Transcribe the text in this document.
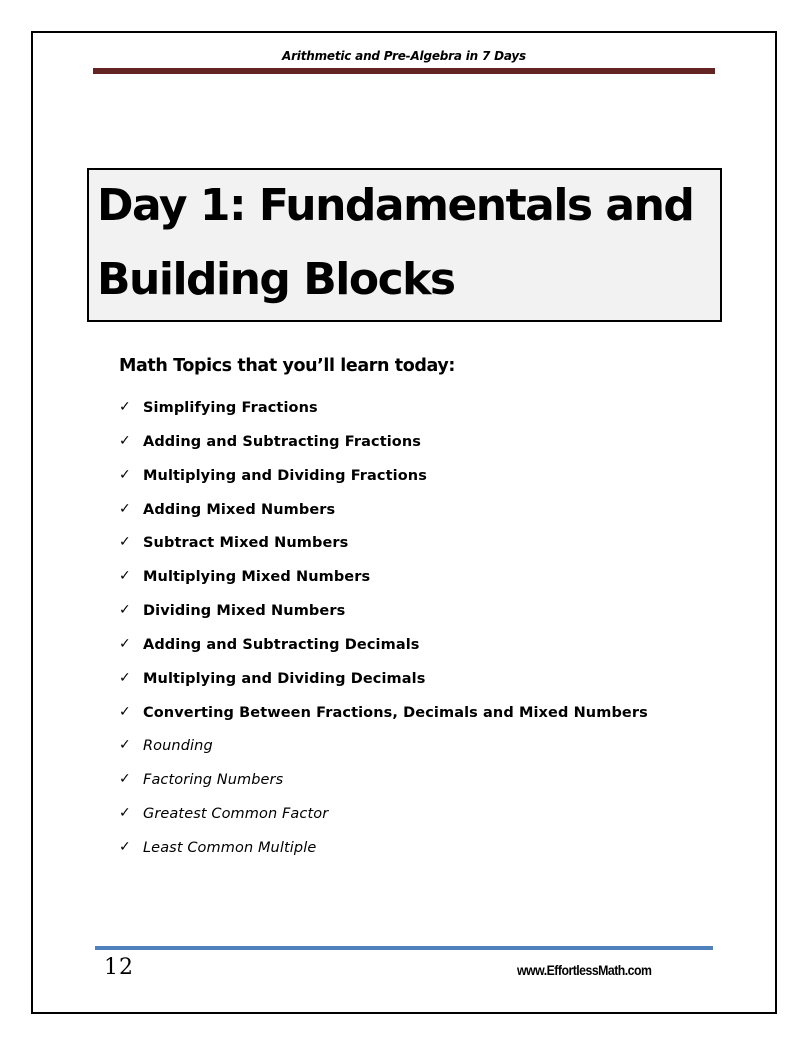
Arithmetic and Pre-Algebra in 7 Days
Day 1: Fundamentals and
Building Blocks
Math Topics that you’ll learn today:
✓ Simplifying Fractions
✓ Adding and Subtracting Fractions
✓ Multiplying and Dividing Fractions
✓ Adding Mixed Numbers
✓ Subtract Mixed Numbers
✓ Multiplying Mixed Numbers
✓ Dividing Mixed Numbers
✓ Adding and Subtracting Decimals
✓ Multiplying and Dividing Decimals
✓ Converting Between Fractions, Decimals and Mixed Numbers
✓ Rounding
✓ Factoring Numbers
✓ Greatest Common Factor
✓ Least Common Multiple
12	www.EffortlessMath.com
